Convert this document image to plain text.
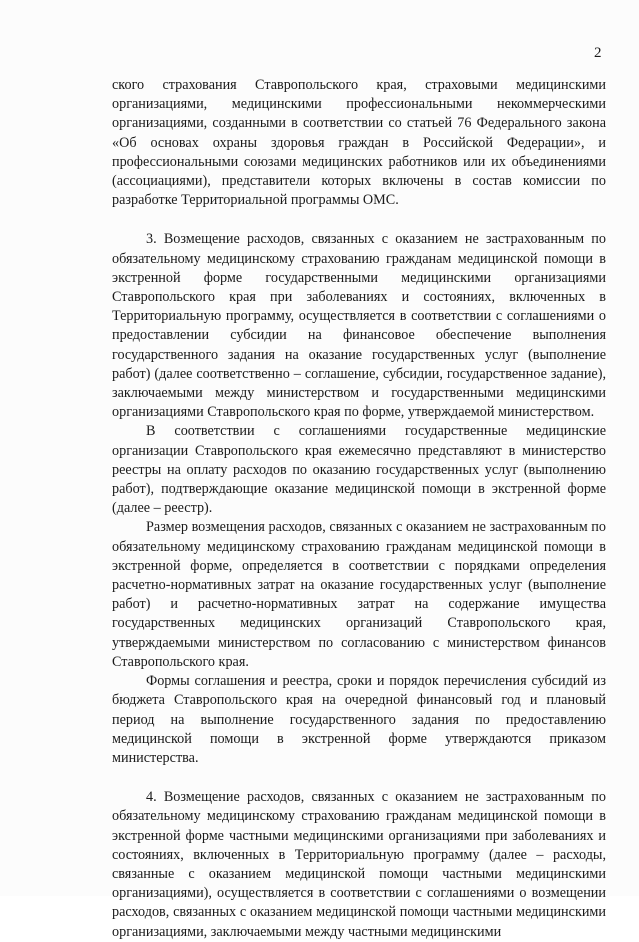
2

ского страхования Ставропольского края, страховыми медицинскими организациями, медицинскими профессиональными некоммерческими организациями, созданными в соответствии со статьей 76 Федерального закона «Об основах охраны здоровья граждан в Российской Федерации», и профессиональными союзами медицинских работников или их объединениями (ассоциациями), представители которых включены в состав комиссии по разработке Территориальной программы ОМС.

3. Возмещение расходов, связанных с оказанием не застрахованным по обязательному медицинскому страхованию гражданам медицинской помощи в экстренной форме государственными медицинскими организациями Ставропольского края при заболеваниях и состояниях, включенных в Территориальную программу, осуществляется в соответствии с соглашениями о предоставлении субсидии на финансовое обеспечение выполнения государственного задания на оказание государственных услуг (выполнение работ) (далее соответственно – соглашение, субсидии, государственное задание), заключаемыми между министерством и государственными медицинскими организациями Ставропольского края по форме, утверждаемой министерством.

В соответствии с соглашениями государственные медицинские организации Ставропольского края ежемесячно представляют в министерство реестры на оплату расходов по оказанию государственных услуг (выполнению работ), подтверждающие оказание медицинской помощи в экстренной форме (далее – реестр).

Размер возмещения расходов, связанных с оказанием не застрахованным по обязательному медицинскому страхованию гражданам медицинской помощи в экстренной форме, определяется в соответствии с порядками определения расчетно-нормативных затрат на оказание государственных услуг (выполнение работ) и расчетно-нормативных затрат на содержание имущества государственных медицинских организаций Ставропольского края, утверждаемыми министерством по согласованию с министерством финансов Ставропольского края.

Формы соглашения и реестра, сроки и порядок перечисления субсидий из бюджета Ставропольского края на очередной финансовый год и плановый период на выполнение государственного задания по предоставлению медицинской помощи в экстренной форме утверждаются приказом министерства.

4. Возмещение расходов, связанных с оказанием не застрахованным по обязательному медицинскому страхованию гражданам медицинской помощи в экстренной форме частными медицинскими организациями при заболеваниях и состояниях, включенных в Территориальную программу (далее – расходы, связанные с оказанием медицинской помощи частными медицинскими организациями), осуществляется в соответствии с соглашениями о возмещении расходов, связанных с оказанием медицинской помощи частными медицинскими организациями, заключаемыми между частными медицинскими
